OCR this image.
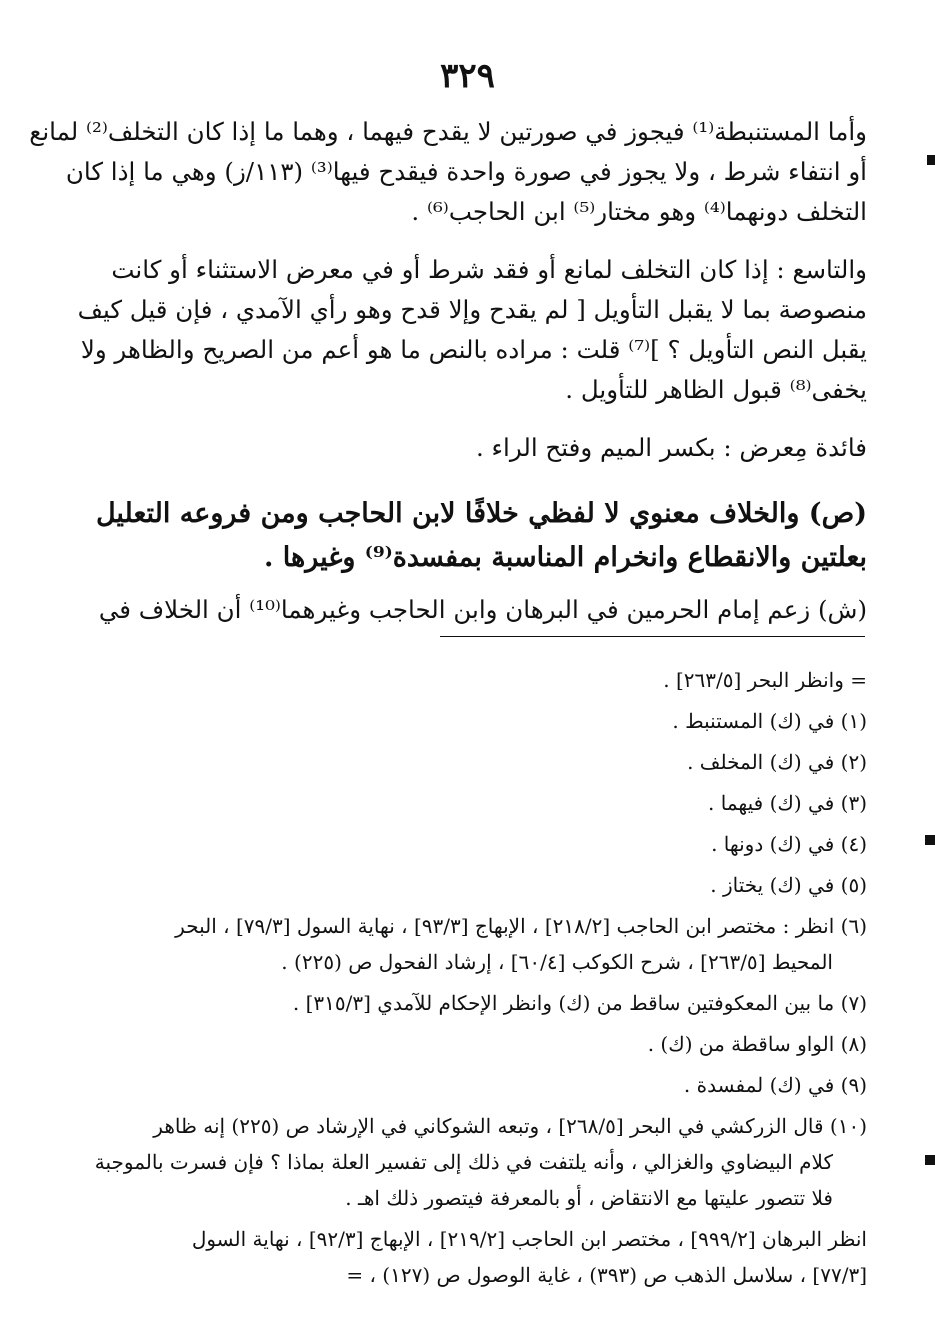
٣٢٩

وأما المستنبطة⁽¹⁾ فيجوز في صورتين لا يقدح فيهما ، وهما ما إذا كان التخلف⁽²⁾ لمانع

أو انتفاء شرط ، ولا يجوز في صورة واحدة فيقدح فيها⁽³⁾ (١١٣/ز) وهي ما إذا كان

التخلف دونهما⁽⁴⁾ وهو مختار⁽⁵⁾ ابن الحاجب⁽⁶⁾ .

والتاسع : إذا كان التخلف لمانع أو فقد شرط أو في معرض الاستثناء أو كانت

منصوصة بما لا يقبل التأويل [ لم يقدح وإلا قدح وهو رأي الآمدي ، فإن قيل كيف

يقبل النص التأويل ؟ ]⁽⁷⁾ قلت : مراده بالنص ما هو أعم من الصريح والظاهر ولا

يخفى⁽⁸⁾ قبول الظاهر للتأويل .

فائدة مِعرض : بكسر الميم وفتح الراء .

(ص) والخلاف معنوي لا لفظي خلافًا لابن الحاجب ومن فروعه التعليل

بعلتين والانقطاع وانخرام المناسبة بمفسدة⁽⁹⁾ وغيرها .

(ش) زعم إمام الحرمين في البرهان وابن الحاجب وغيرهما⁽¹⁰⁾ أن الخلاف في

= وانظر البحر [٢٦٣/٥] .
(١) في (ك) المستنبط .
(٢) في (ك) المخلف .
(٣) في (ك) فيهما .
(٤) في (ك) دونها .
(٥) في (ك) يختاز .
(٦) انظر : مختصر ابن الحاجب [٢١٨/٢] ، الإبهاج [٩٣/٣] ، نهاية السول [٧٩/٣] ، البحر
المحيط [٢٦٣/٥] ، شرح الكوكب [٦٠/٤] ، إرشاد الفحول ص (٢٢٥) .
(٧) ما بين المعكوفتين ساقط من (ك) وانظر الإحكام للآمدي [٣١٥/٣] .
(٨) الواو ساقطة من (ك) .
(٩) في (ك) لمفسدة .
(١٠) قال الزركشي في البحر [٢٦٨/٥] ، وتبعه الشوكاني في الإرشاد ص (٢٢٥) إنه ظاهر
كلام البيضاوي والغزالي ، وأنه يلتفت في ذلك إلى تفسير العلة بماذا ؟ فإن فسرت بالموجبة
فلا تتصور عليتها مع الانتقاض ، أو بالمعرفة فيتصور ذلك اهـ .
انظر البرهان [٩٩٩/٢] ، مختصر ابن الحاجب [٢١٩/٢] ، الإبهاج [٩٢/٣] ، نهاية السول
[٧٧/٣] ، سلاسل الذهب ص (٣٩٣) ، غاية الوصول ص (١٢٧) ، =
